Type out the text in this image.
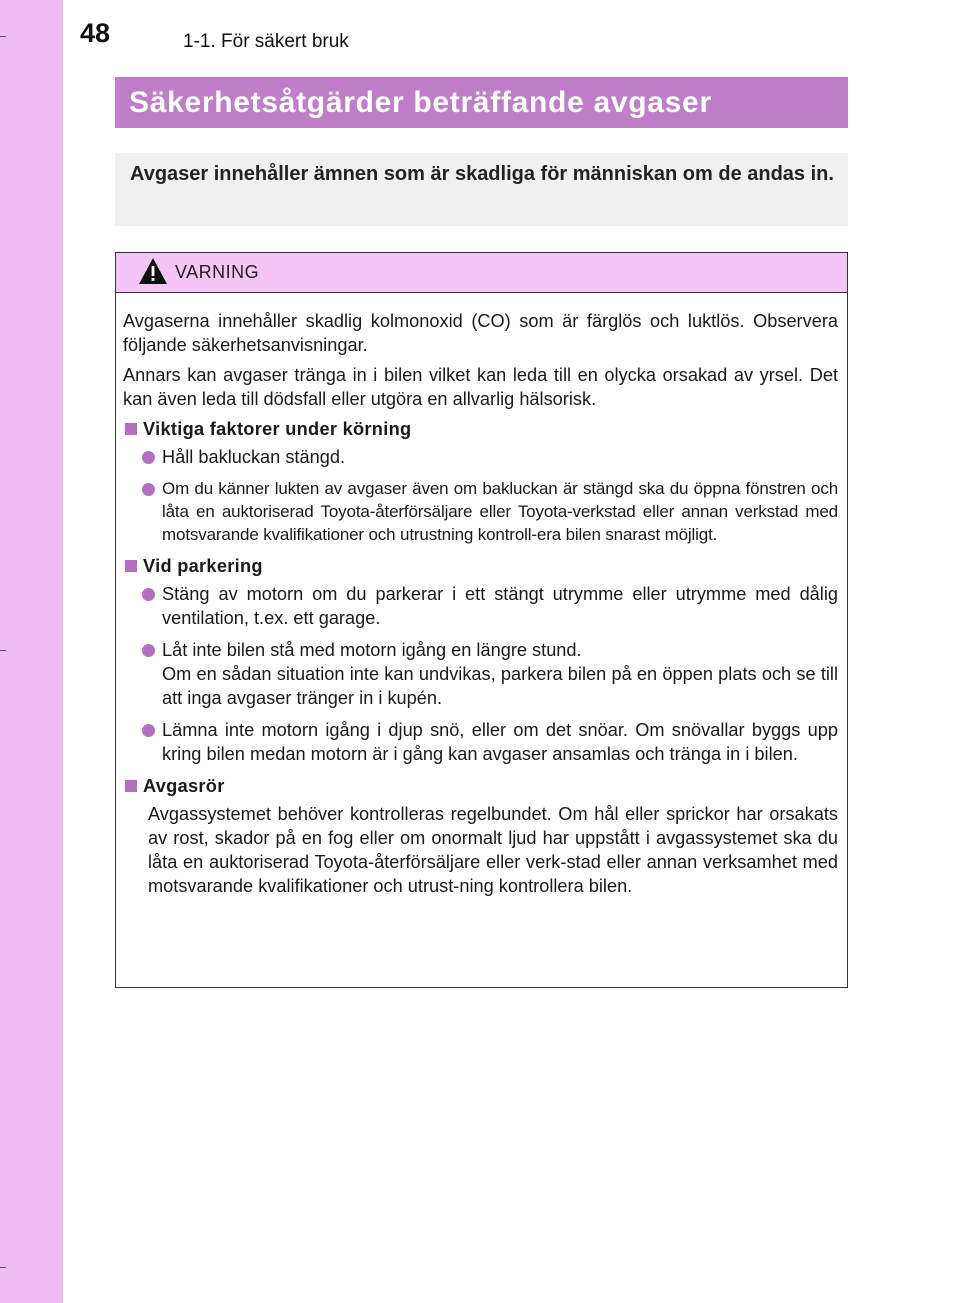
48	1-1. För säkert bruk
Säkerhetsåtgärder beträffande avgaser
Avgaser innehåller ämnen som är skadliga för människan om de andas in.
VARNING
Avgaserna innehåller skadlig kolmonoxid (CO) som är färglös och luktlös. Observera följande säkerhetsanvisningar.
Annars kan avgaser tränga in i bilen vilket kan leda till en olycka orsakad av yrsel. Det kan även leda till dödsfall eller utgöra en allvarlig hälsorisk.
Viktiga faktorer under körning
Håll bakluckan stängd.
Om du känner lukten av avgaser även om bakluckan är stängd ska du öppna fönstren och låta en auktoriserad Toyota-återförsäljare eller Toyota-verkstad eller annan verkstad med motsvarande kvalifikationer och utrustning kontroll-era bilen snarast möjligt.
Vid parkering
Stäng av motorn om du parkerar i ett stängt utrymme eller utrymme med dålig ventilation, t.ex. ett garage.
Låt inte bilen stå med motorn igång en längre stund.
Om en sådan situation inte kan undvikas, parkera bilen på en öppen plats och se till att inga avgaser tränger in i kupén.
Lämna inte motorn igång i djup snö, eller om det snöar. Om snövallar byggs upp kring bilen medan motorn är i gång kan avgaser ansamlas och tränga in i bilen.
Avgasrör
Avgassystemet behöver kontrolleras regelbundet. Om hål eller sprickor har orsakats av rost, skador på en fog eller om onormalt ljud har uppstått i avgassystemet ska du låta en auktoriserad Toyota-återförsäljare eller verk-stad eller annan verksamhet med motsvarande kvalifikationer och utrust-ning kontrollera bilen.
